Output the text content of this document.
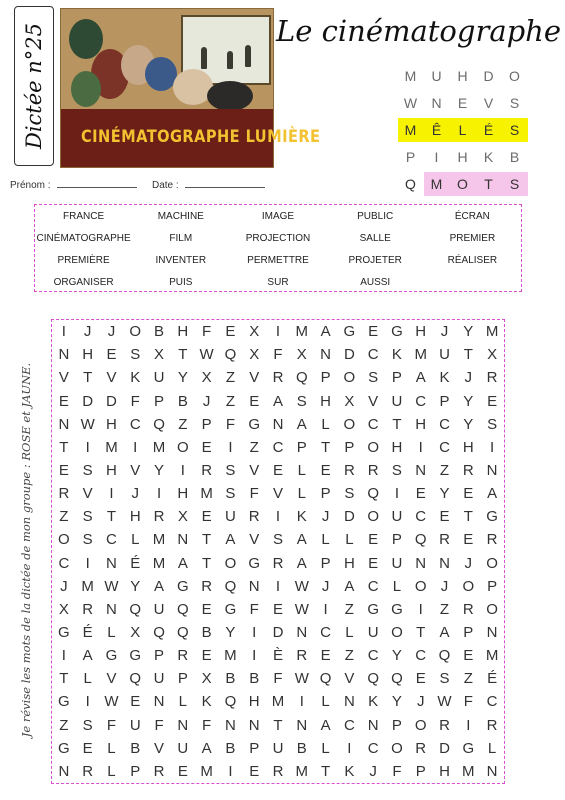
Dictée n°25 CINÉMATOGRAPHE LUMIÈRE
Le cinématographe
M	U	H	D	O
W N	E	V	S
M	Ê	L	É	S
P	I	H	K	B
Q M O	T	S
Prénom :	Date :
FRANCE	MACHINE	IMAGE	PUBLIC	ÉCRAN
CINÉMATOGRAPHE	FILM	PROJECTION	SALLE	PREMIER
PREMIÈRE	INVENTER	PERMETTRE	PROJETER	RÉALISER
ORGANISER	PUIS	SUR	AUSSI
Je révise les mots de la dictée de mon groupe : ROSE et JAUNE.
I	J	J O B H F E X	I	M A G E G H J	Y M
N H E S X T W Q X F X N D C K M U T X
V T V K U Y X Z V R Q P O S P A K	J R
E D D F P B	J	Z E A S H X V U C P Y E
N W H C Q Z P F G N A L O C T H C Y S
T	I	M	I	M O E	I	Z C P T P O H	I	C H	I
E S H V Y	I	R S V E L E R R S N Z R N
R V	I	J	I	H M S F V L P S Q	I	E Y E A
Z S T H R X E U R	I	K	J D O U C E T G
O S C L M N T A V S A L	L E P Q R E R
C	I	N É M A T O G R A P H E U N N J O
J M W Y A G R Q N	I W J	A C L O J O P
X R N Q U Q E G F E W I	Z G G	I	Z R O
G É L X Q Q B Y	I	D N C L U O T A P N
I	A G G P R E M	I	È R E Z C Y C Q E M
T	L V Q U P X B B F W Q V Q Q E S Z É
G	I W E N L K Q H M	I	L N K Y	J W F C
Z S F U F N F N N T N A C N P O R	I	R
G E L B V U A B P U B L	I	C O R D G L
N R L P R E M	I	E R M T K	J	F P H M N
